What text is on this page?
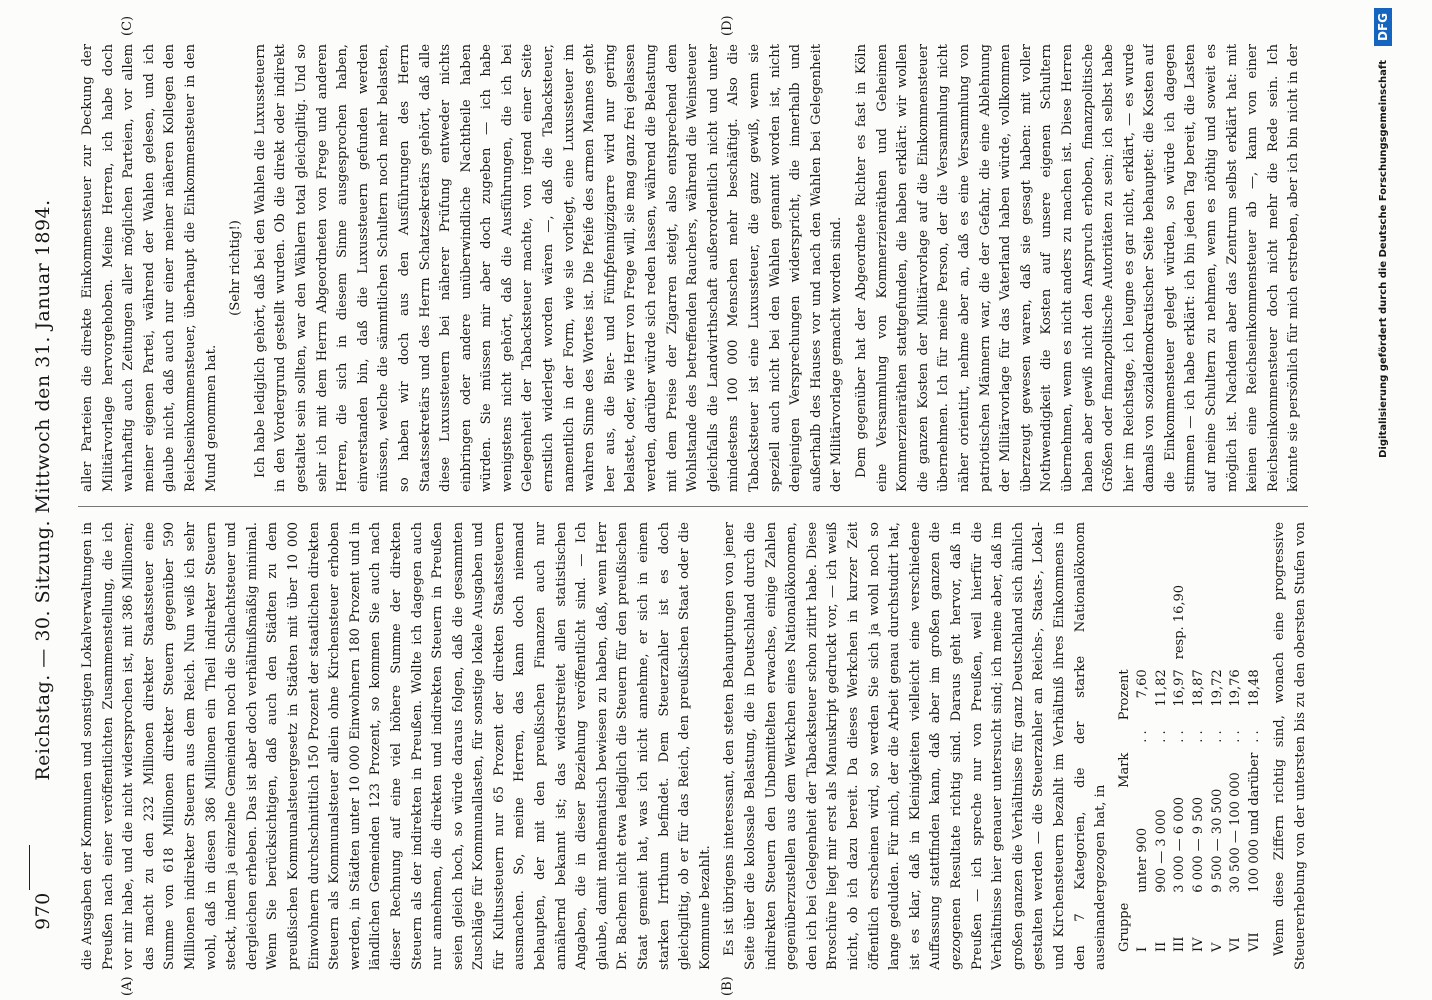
970
Reichstag. — 30. Sitzung. Mittwoch den 31. Januar 1894.
(A)	(B)
(C)	(D)

die Ausgaben der Kommunen und sonstigen Lokalverwaltungen in Preußen nach einer veröffentlichten Zusammenstellung, die ich vor mir habe, und die nicht widersprochen ist, mit 386 Millionen; das macht zu den 232 Millionen direkter Staatssteuer eine Summe von 618 Millionen direkter Steuern gegenüber 590 Millionen indirekter Steuern aus dem Reich. Nun weiß ich sehr wohl, daß in diesen 386 Millionen ein Theil indirekter Steuern steckt, indem ja einzelne Gemeinden noch die Schlachtsteuer und dergleichen erheben. Das ist aber doch verhältnißmäßig minimal. Wenn Sie berücksichtigen, daß auch den Städten zu dem preußischen Kommunalsteuergesetz in Städten mit über 10 000 Einwohnern durchschnittlich 150 Prozent der staatlichen direkten Steuern als Kommunalsteuer allein ohne Kirchensteuer erhoben werden, in Städten unter 10 000 Einwohnern 180 Prozent und in ländlichen Gemeinden 123 Prozent, so kommen Sie auch nach dieser Rechnung auf eine viel höhere Summe der direkten Steuern als der indirekten in Preußen. Wollte ich dagegen auch nur annehmen, die direkten und indirekten Steuern in Preußen seien gleich hoch, so würde daraus folgen, daß die gesammten Zuschläge für Kommunallasten, für sonstige lokale Ausgaben und für Kultussteuern nur 65 Prozent der direkten Staatssteuern ausmachen. So, meine Herren, das kann doch niemand behaupten, der mit den preußischen Finanzen auch nur annähernd bekannt ist; das widerstreitet allen statistischen Angaben, die in dieser Beziehung veröffentlicht sind. — Ich glaube, damit mathematisch bewiesen zu haben, daß, wenn Herr Dr. Bachem nicht etwa lediglich die Steuern für den preußischen Staat gemeint hat, was ich nicht annehme, er sich in einem starken Irrthum befindet. Dem Steuerzahler ist es doch gleichgiltig, ob er für das Reich, den preußischen Staat oder die Kommune bezahlt. Es ist übrigens interessant, den steten Behauptungen von jener Seite über die kolossale Belastung, die in Deutschland durch die indirekten Steuern den Unbemittelten erwachse, einige Zahlen gegenüberzustellen aus dem Werkchen eines Nationalökonomen, den ich bei Gelegenheit der Tabacksteuer schon zitirt habe. Diese Broschüre liegt mir erst als Manuskript gedruckt vor, — ich weiß nicht, ob ich dazu bereit. Da dieses Werkchen in kurzer Zeit öffentlich erscheinen wird, so werden Sie sich ja wohl noch so lange gedulden. Für mich, der die Arbeit genau durchstudirt hat, ist es klar, daß in Kleinigkeiten vielleicht eine verschiedene Auffassung stattfinden kann, daß aber im großen ganzen die gezogenen Resultate richtig sind. Daraus geht hervor, daß in Preußen — ich spreche nur von Preußen, weil hierfür die Verhältnisse hier genauer untersucht sind; ich meine aber, daß im großen ganzen die Verhältnisse für ganz Deutschland sich ähnlich gestalten werden — die Steuerzahler an Reichs-, Staats-, Lokal- und Kirchensteuern bezahlt im Verhältniß ihres Einkommens in den 7 Kategorien, die der starke Nationalökonom auseinandergezogen hat, in Gruppe	Mark		Prozent	
I	unter 900	. .	7,60	
II	900 — 3 000	. .	11,82	
III	3 000 — 6 000	. .	16,97	resp. 16,90
IV	6 000 — 9 500	. .	18,87	
V	9 500 — 30 500	. .	19,72	
VI	30 500 — 100 000	. .	19,76	
VII	100 000 und darüber	. .	18,48	

Wenn diese Ziffern richtig sind, wonach eine progressive Steuererhebung von der untersten bis zu den obersten Stufen von

aller Parteien die direkte Einkommensteuer zur Deckung der Militärvorlage hervorgehoben. Meine Herren, ich habe doch wahrhaftig auch Zeitungen aller möglichen Parteien, vor allem meiner eigenen Partei, während der Wahlen gelesen, und ich glaube nicht, daß auch nur einer meiner näheren Kollegen den Reichseinkommensteuer, überhaupt die Einkommensteuer in den Mund genommen hat.

(Sehr richtig!) Ich habe lediglich gehört, daß bei den Wahlen die Luxussteuern in den Vordergrund gestellt wurden. Ob die direkt oder indirekt gestaltet sein sollten, war den Wählern total gleichgiltig. Und so sehr ich mit dem Herrn Abgeordneten von Frege und anderen Herren, die sich in diesem Sinne ausgesprochen haben, einverstanden bin, daß die Luxussteuern gefunden werden müssen, welche die sämmtlichen Schultern noch mehr belasten, so haben wir doch aus den Ausführungen des Herrn Staatssekretärs und des Herrn Schatzsekretärs gehört, daß alle diese Luxussteuern bei näherer Prüfung entweder nichts einbringen oder andere unüberwindliche Nachtheile haben würden. Sie müssen mir aber doch zugeben — ich habe wenigstens nicht gehört, daß die Ausführungen, die ich bei Gelegenheit der Tabacksteuer machte, von irgend einer Seite ernstlich widerlegt worden wären —, daß die Tabacksteuer, namentlich in der Form, wie sie vorliegt, eine Luxussteuer im wahren Sinne des Wortes ist. Die Pfeife des armen Mannes geht leer aus, die Bier- und Fünfpfennigzigarre wird nur gering belastet, oder, wie Herr von Frege will, sie mag ganz frei gelassen werden, darüber würde sich reden lassen, während die Belastung mit dem Preise der Zigarren steigt, also entsprechend dem Wohlstande des betreffenden Rauchers, während die Weinsteuer gleichfalls die Landwirthschaft außerordentlich nicht und unter mindestens 100 000 Menschen mehr beschäftigt. Also die Tabacksteuer ist eine Luxussteuer, die ganz gewiß, wenn sie speziell auch nicht bei den Wahlen genannt worden ist, nicht denjenigen Versprechungen widerspricht, die innerhalb und außerhalb des Hauses vor und nach den Wahlen bei Gelegenheit der Militärvorlage gemacht worden sind. Dem gegenüber hat der Abgeordnete Richter es fast in Köln eine Versammlung von Kommerzienräthen und Geheimen Kommerzienräthen stattgefunden, die haben erklärt: wir wollen die ganzen Kosten der Militärvorlage auf die Einkommensteuer übernehmen. Ich für meine Person, der die Versammlung nicht näher orientirt, nehme aber an, daß es eine Versammlung von patriotischen Männern war, die der Gefahr, die eine Ablehnung der Militärvorlage für das Vaterland haben würde, vollkommen überzeugt gewesen waren, daß sie gesagt haben: mit voller Nothwendigkeit die Kosten auf unsere eigenen Schultern übernehmen, wenn es nicht anders zu machen ist. Diese Herren haben aber gewiß nicht den Anspruch erhoben, finanzpolitische Größen oder finanzpolitische Autoritäten zu sein; ich selbst habe hier im Reichstage, ich leugne es gar nicht, erklärt, — es wurde damals von sozialdemokratischer Seite behauptet: die Kosten auf die Einkommensteuer gelegt würden, so würde ich dagegen stimmen — ich habe erklärt: ich bin jeden Tag bereit, die Lasten auf meine Schultern zu nehmen, wenn es nöthig und soweit es möglich ist. Nachdem aber das Zentrum selbst erklärt hat: mit keinen eine Reichseinkommensteuer ab —, kann von einer Reichseinkommensteuer doch nicht mehr die Rede sein. Ich könnte sie persönlich für mich erstreben, aber ich bin nicht in der

Digitalisierung gefördert durch die Deutsche Forschungsgemeinschaft
DFG
